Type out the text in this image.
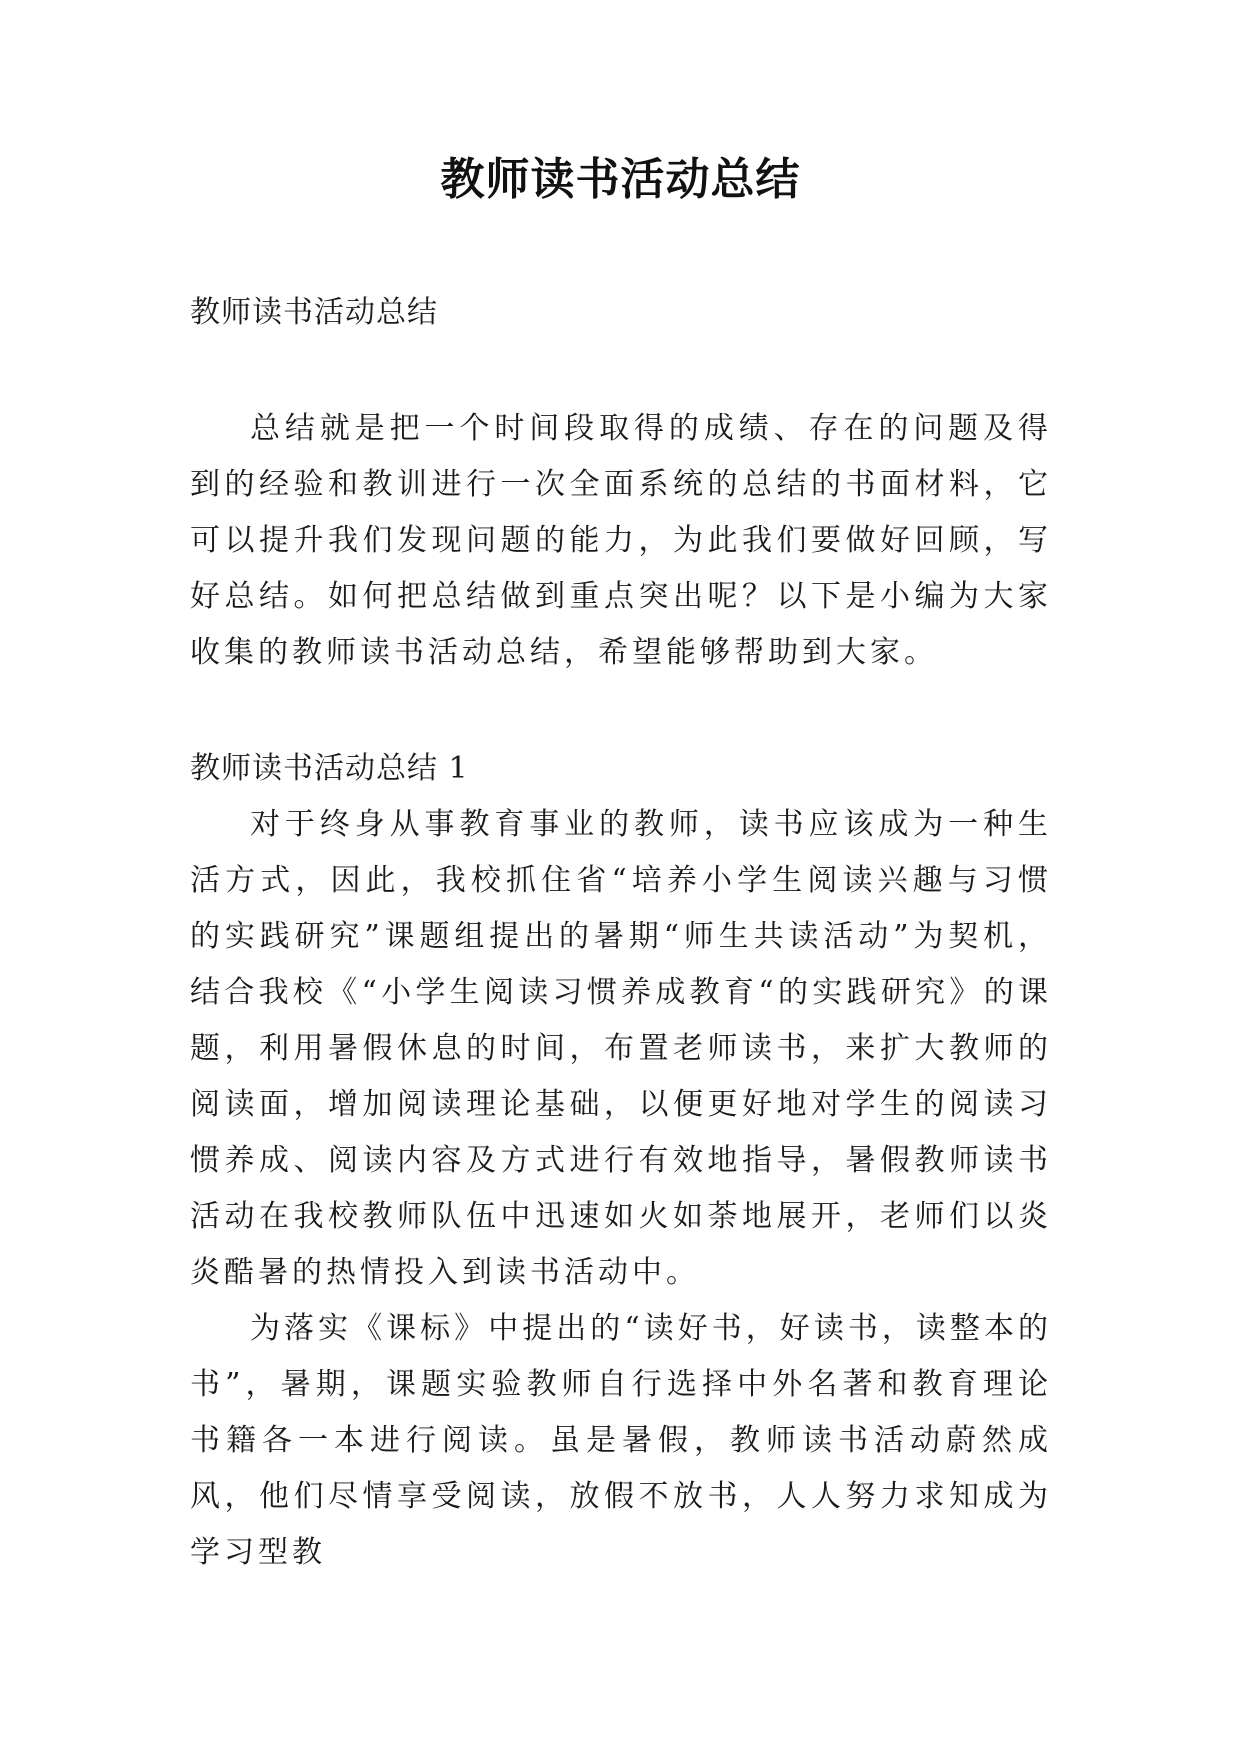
教师读书活动总结

教师读书活动总结

总结就是把一个时间段取得的成绩、存在的问题及得到的经验和教训进行一次全面系统的总结的书面材料，它可以提升我们发现问题的能力，为此我们要做好回顾，写好总结。如何把总结做到重点突出呢？以下是小编为大家收集的教师读书活动总结，希望能够帮助到大家。

教师读书活动总结 1

对于终身从事教育事业的教师，读书应该成为一种生活方式，因此，我校抓住省“培养小学生阅读兴趣与习惯的实践研究”课题组提出的暑期“师生共读活动”为契机，结合我校《“小学生阅读习惯养成教育“的实践研究》的课题，利用暑假休息的时间，布置老师读书，来扩大教师的阅读面，增加阅读理论基础，以便更好地对学生的阅读习惯养成、阅读内容及方式进行有效地指导，暑假教师读书活动在我校教师队伍中迅速如火如荼地展开，老师们以炎炎酷暑的热情投入到读书活动中。

为落实《课标》中提出的“读好书，好读书，读整本的书”，暑期，课题实验教师自行选择中外名著和教育理论书籍各一本进行阅读。虽是暑假，教师读书活动蔚然成风，他们尽情享受阅读，放假不放书，人人努力求知成为学习型教
